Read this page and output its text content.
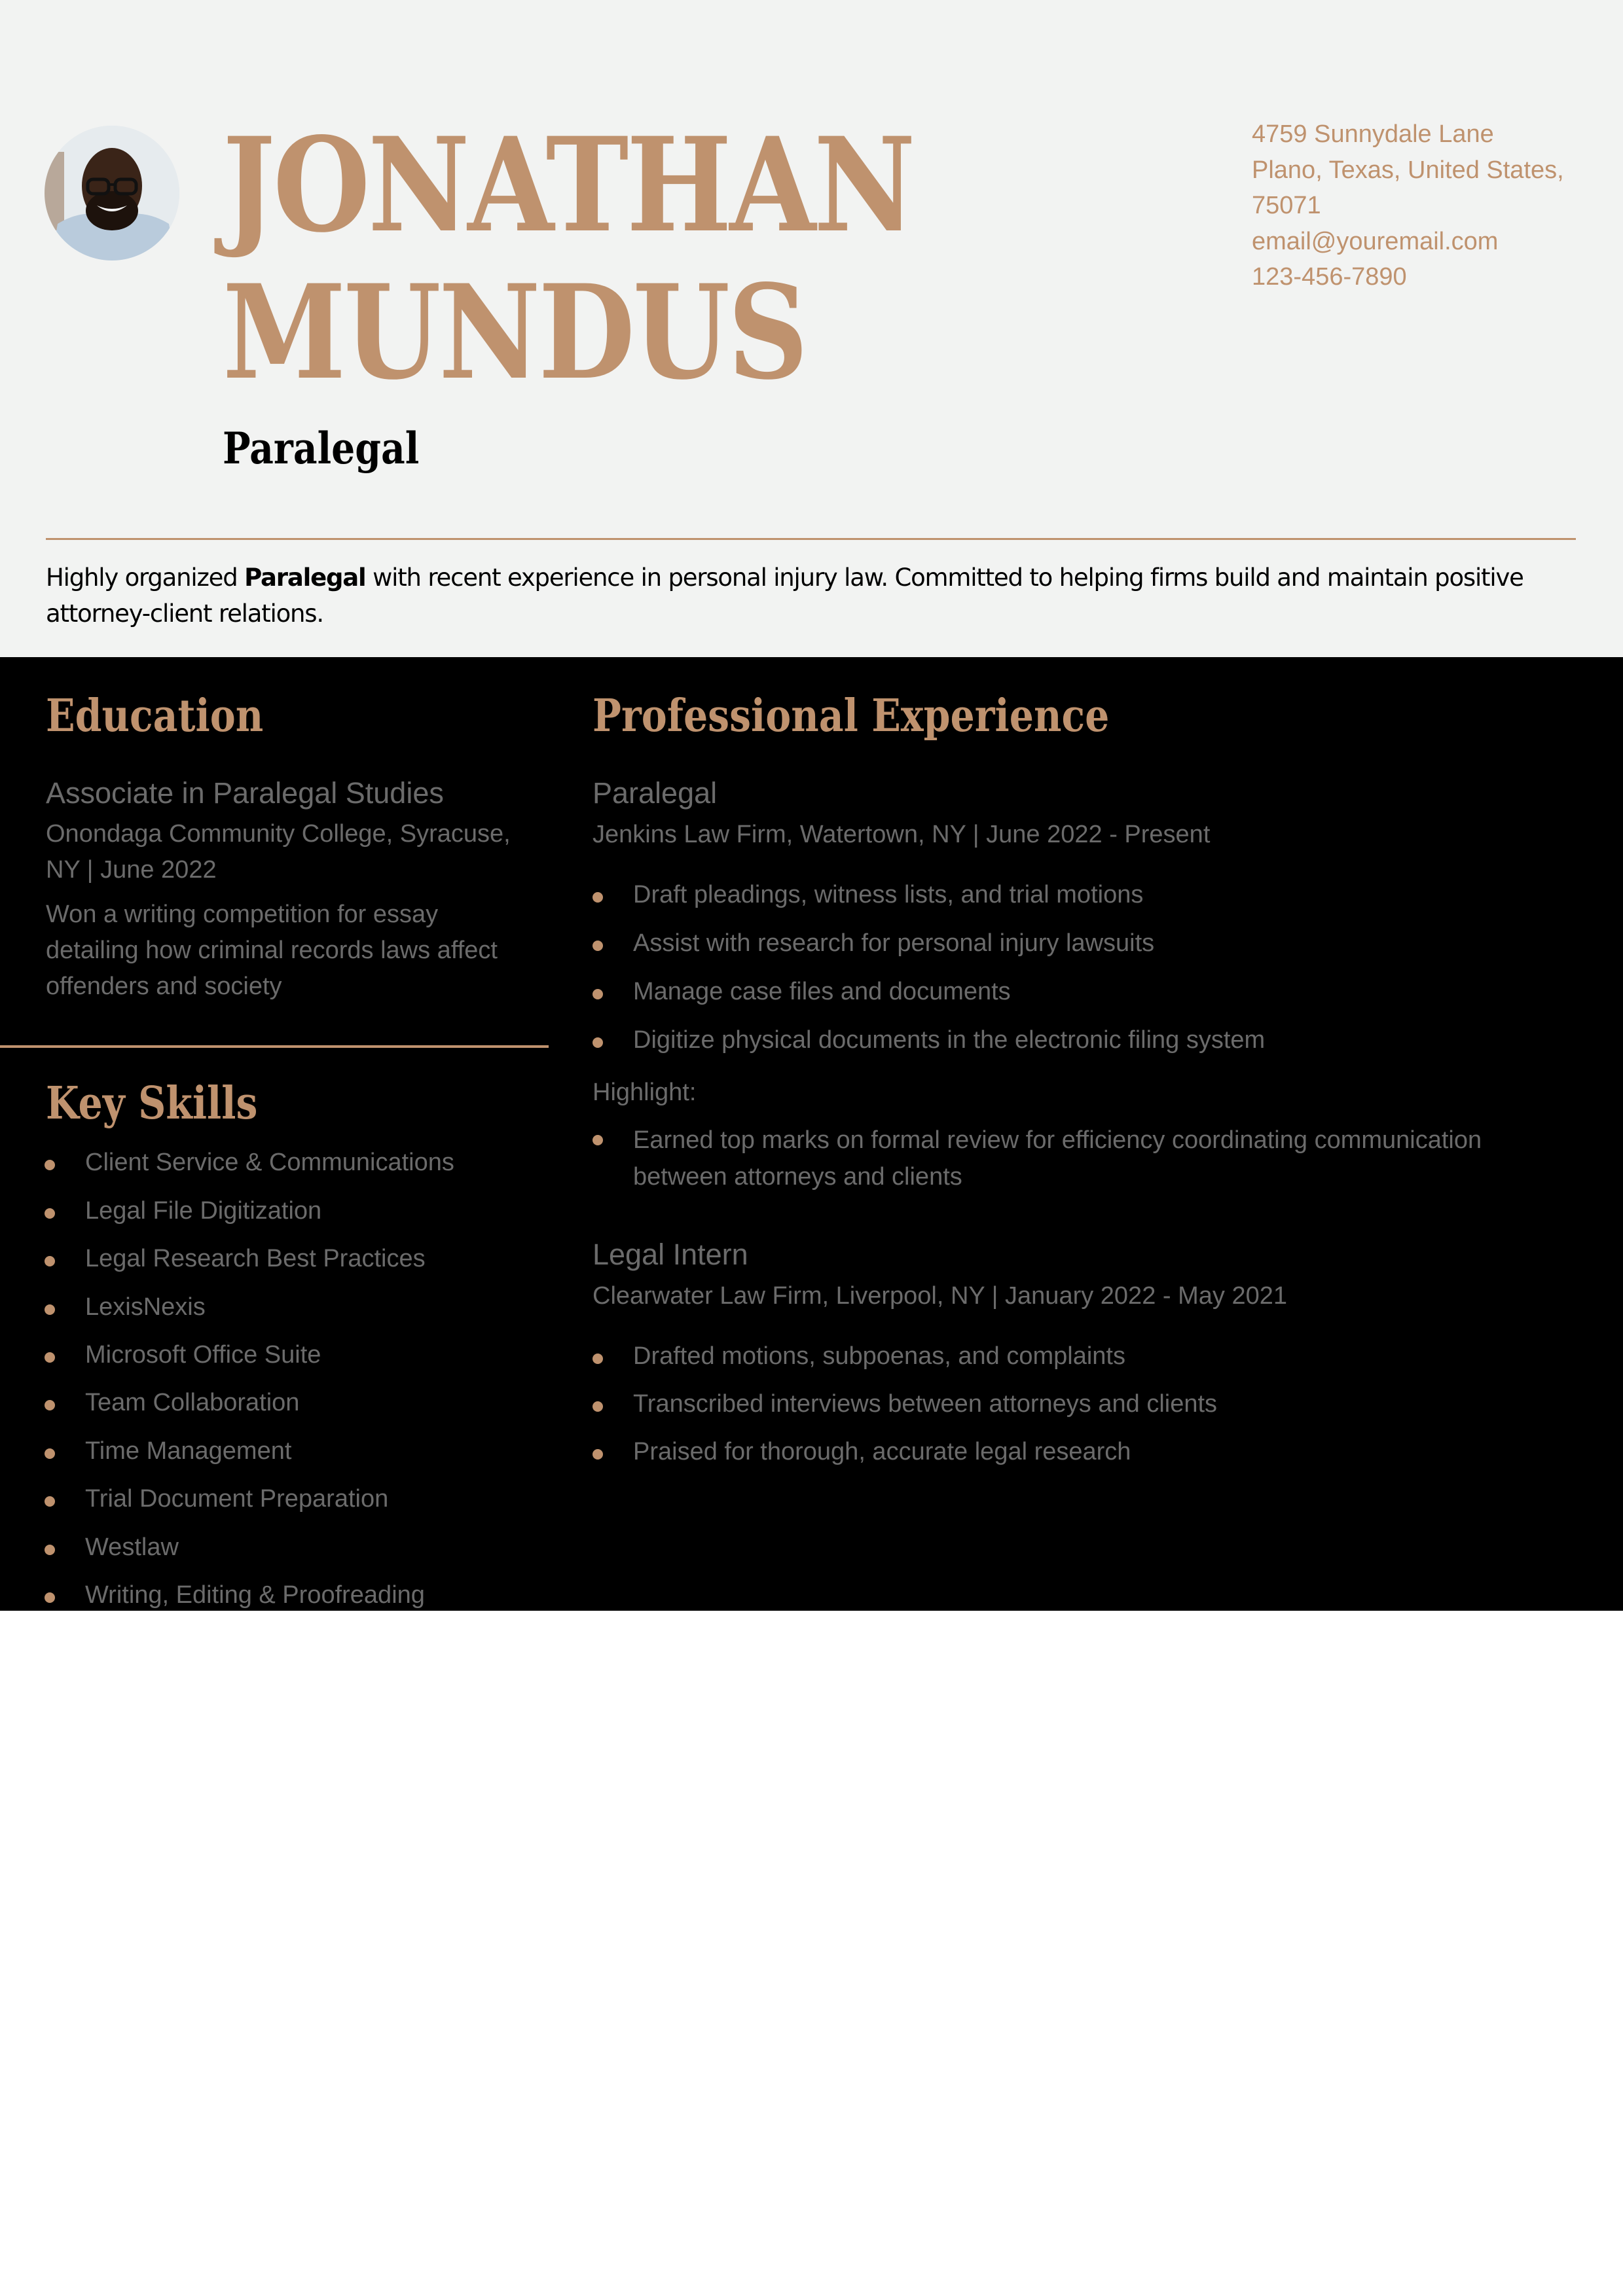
JONATHAN
MUNDUS
Paralegal
4759 Sunnydale Lane
Plano, Texas, United States,
75071
email@youremail.com
123-456-7890

Highly organized Paralegal with recent experience in personal injury law. Committed to helping firms build and maintain positive attorney-client relations.

Education
Associate in Paralegal Studies
Onondaga Community College, Syracuse, NY | June 2022
Won a writing competition for essay detailing how criminal records laws affect offenders and society
Key Skills
Client Service & Communications
Legal File Digitization
Legal Research Best Practices
LexisNexis
Microsoft Office Suite
Team Collaboration
Time Management
Trial Document Preparation
Westlaw
Writing, Editing & Proofreading
Professional Experience
Paralegal
Jenkins Law Firm, Watertown, NY | June 2022 - Present
Draft pleadings, witness lists, and trial motions
Assist with research for personal injury lawsuits
Manage case files and documents
Digitize physical documents in the electronic filing system
Highlight:
Earned top marks on formal review for efficiency coordinating communication between attorneys and clients
Legal Intern
Clearwater Law Firm, Liverpool, NY | January 2022 - May 2021
Drafted motions, subpoenas, and complaints
Transcribed interviews between attorneys and clients
Praised for thorough, accurate legal research
